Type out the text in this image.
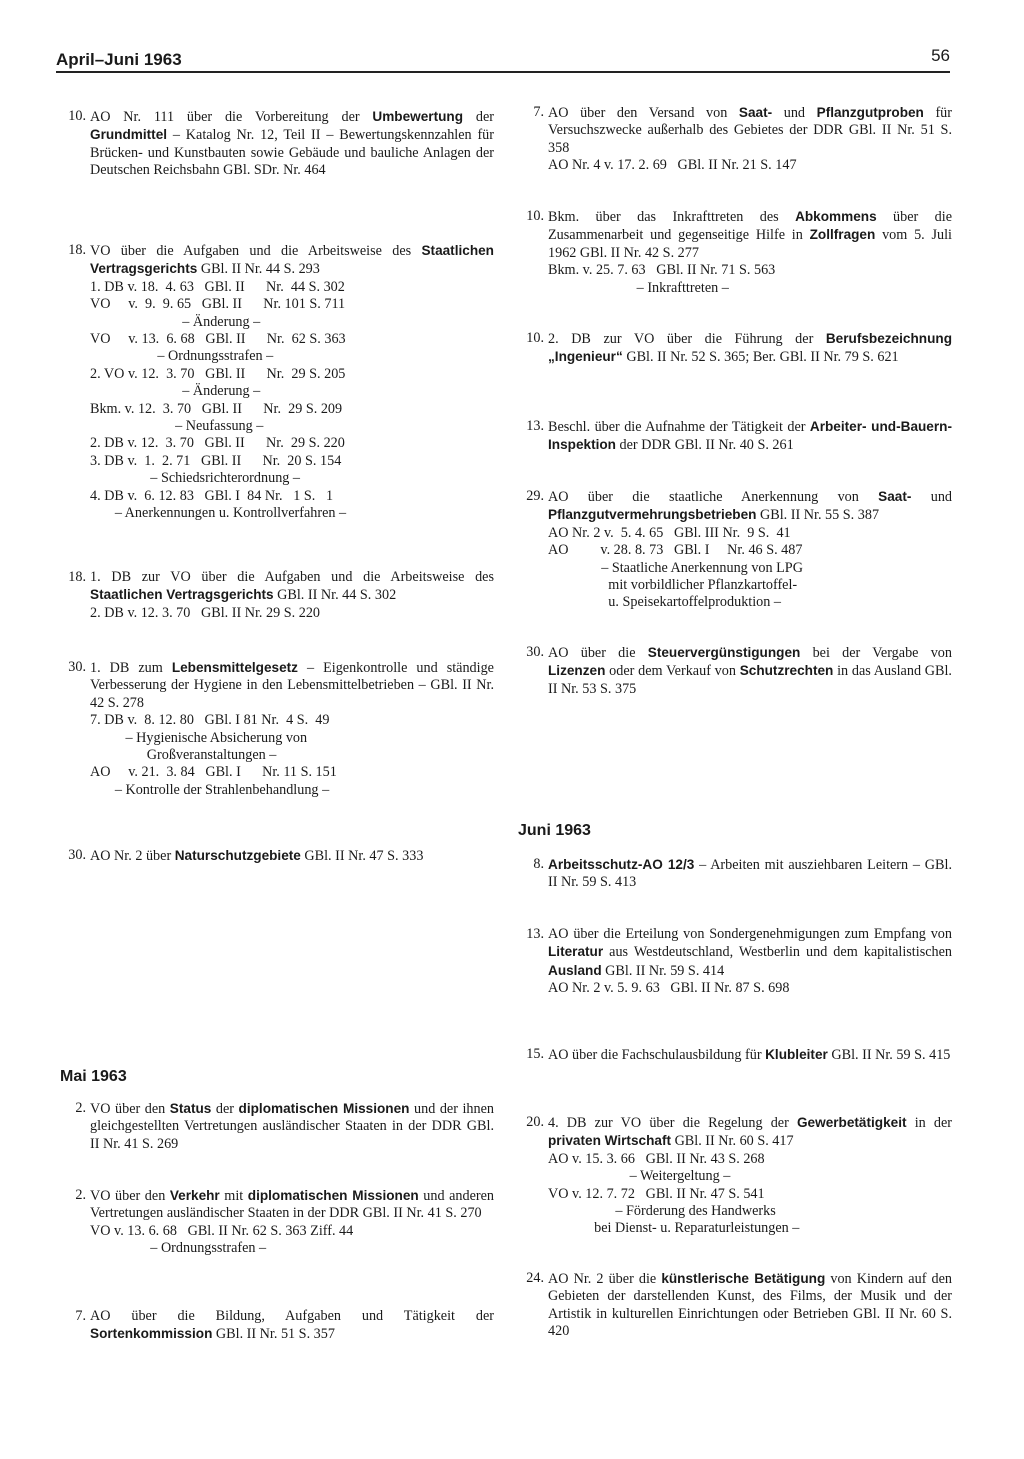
April–Juni 1963	56
10. AO Nr. 111 über die Vorbereitung der Umbewertung der Grundmittel – Katalog Nr. 12, Teil II – Bewertungskennzahlen für Brücken- und Kunstbauten sowie Gebäude und bauliche Anlagen der Deutschen Reichsbahn GBl. SDr. Nr. 464
18. VO über die Aufgaben und die Arbeitsweise des Staatlichen Vertragsgerichts GBl. II Nr. 44 S. 293
1. DB v. 18.  4. 63   GBl. II      Nr.  44 S. 302
VO     v.  9.  9. 65   GBl. II      Nr. 101 S. 711
– Änderung –
VO     v. 13.  6. 68   GBl. II      Nr.  62 S. 363
– Ordnungsstrafen –
2. VO v. 12.  3. 70   GBl. II      Nr.  29 S. 205
– Änderung –
Bkm. v. 12.  3. 70   GBl. II      Nr.  29 S. 209
– Neufassung –
2. DB v. 12.  3. 70   GBl. II      Nr.  29 S. 220
3. DB v.  1.  2. 71   GBl. II      Nr.  20 S. 154
– Schiedsrichterordnung –
4. DB v.  6. 12. 83   GBl. I  84 Nr.   1 S.   1
– Anerkennungen u. Kontrollverfahren –
18. 1. DB zur VO über die Aufgaben und die Arbeitsweise des Staatlichen Vertragsgerichts GBl. II Nr. 44 S. 302
2. DB v. 12. 3. 70   GBl. II Nr. 29 S. 220
30. 1. DB zum Lebensmittelgesetz – Eigenkontrolle und ständige Verbesserung der Hygiene in den Lebensmittelbetrieben – GBl. II Nr. 42 S. 278
7. DB v.  8. 12. 80   GBl. I 81 Nr.  4 S.  49
– Hygienische Absicherung von
Großveranstaltungen –
AO     v. 21.  3. 84   GBl. I      Nr. 11 S. 151
– Kontrolle der Strahlenbehandlung –
30. AO Nr. 2 über Naturschutzgebiete GBl. II Nr. 47 S. 333
Mai 1963
2. VO über den Status der diplomatischen Missionen und der ihnen gleichgestellten Vertretungen ausländischer Staaten in der DDR GBl. II Nr. 41 S. 269
2. VO über den Verkehr mit diplomatischen Missionen und anderen Vertretungen ausländischer Staaten in der DDR GBl. II Nr. 41 S. 270
VO v. 13. 6. 68   GBl. II Nr. 62 S. 363 Ziff. 44
– Ordnungsstrafen –
7. AO über die Bildung, Aufgaben und Tätigkeit der Sortenkommission GBl. II Nr. 51 S. 357
7. AO über den Versand von Saat- und Pflanzgutproben für Versuchszwecke außerhalb des Gebietes der DDR GBl. II Nr. 51 S. 358
AO Nr. 4 v. 17. 2. 69   GBl. II Nr. 21 S. 147
10. Bkm. über das Inkrafttreten des Abkommens über die Zusammenarbeit und gegenseitige Hilfe in Zollfragen vom 5. Juli 1962 GBl. II Nr. 42 S. 277
Bkm. v. 25. 7. 63   GBl. II Nr. 71 S. 563
– Inkrafttreten –
10. 2. DB zur VO über die Führung der Berufsbezeichnung „Ingenieur“ GBl. II Nr. 52 S. 365; Ber. GBl. II Nr. 79 S. 621
13. Beschl. über die Aufnahme der Tätigkeit der Arbeiter- und-Bauern-Inspektion der DDR GBl. II Nr. 40 S. 261
29. AO über die staatliche Anerkennung von Saat- und Pflanzgutvermehrungsbetrieben GBl. II Nr. 55 S. 387
AO Nr. 2 v.  5. 4. 65   GBl. III Nr.  9 S.  41
AO         v. 28. 8. 73   GBl. I     Nr. 46 S. 487
– Staatliche Anerkennung von LPG
mit vorbildlicher Pflanzkartoffel-
u. Speisekartoffelproduktion –
30. AO über die Steuervergünstigungen bei der Vergabe von Lizenzen oder dem Verkauf von Schutzrechten in das Ausland GBl. II Nr. 53 S. 375
Juni 1963
8. Arbeitsschutz-AO 12/3 – Arbeiten mit ausziehbaren Leitern – GBl. II Nr. 59 S. 413
13. AO über die Erteilung von Sondergenehmigungen zum Empfang von Literatur aus Westdeutschland, Westberlin und dem kapitalistischen Ausland GBl. II Nr. 59 S. 414
AO Nr. 2 v. 5. 9. 63   GBl. II Nr. 87 S. 698
15. AO über die Fachschulausbildung für Klubleiter GBl. II Nr. 59 S. 415
20. 4. DB zur VO über die Regelung der Gewerbetätigkeit in der privaten Wirtschaft GBl. II Nr. 60 S. 417
AO v. 15. 3. 66   GBl. II Nr. 43 S. 268
– Weitergeltung –
VO v. 12. 7. 72   GBl. II Nr. 47 S. 541
– Förderung des Handwerks
bei Dienst- u. Reparaturleistungen –
24. AO Nr. 2 über die künstlerische Betätigung von Kindern auf den Gebieten der darstellenden Kunst, des Films, der Musik und der Artistik in kulturellen Einrichtungen oder Betrieben GBl. II Nr. 60 S. 420
